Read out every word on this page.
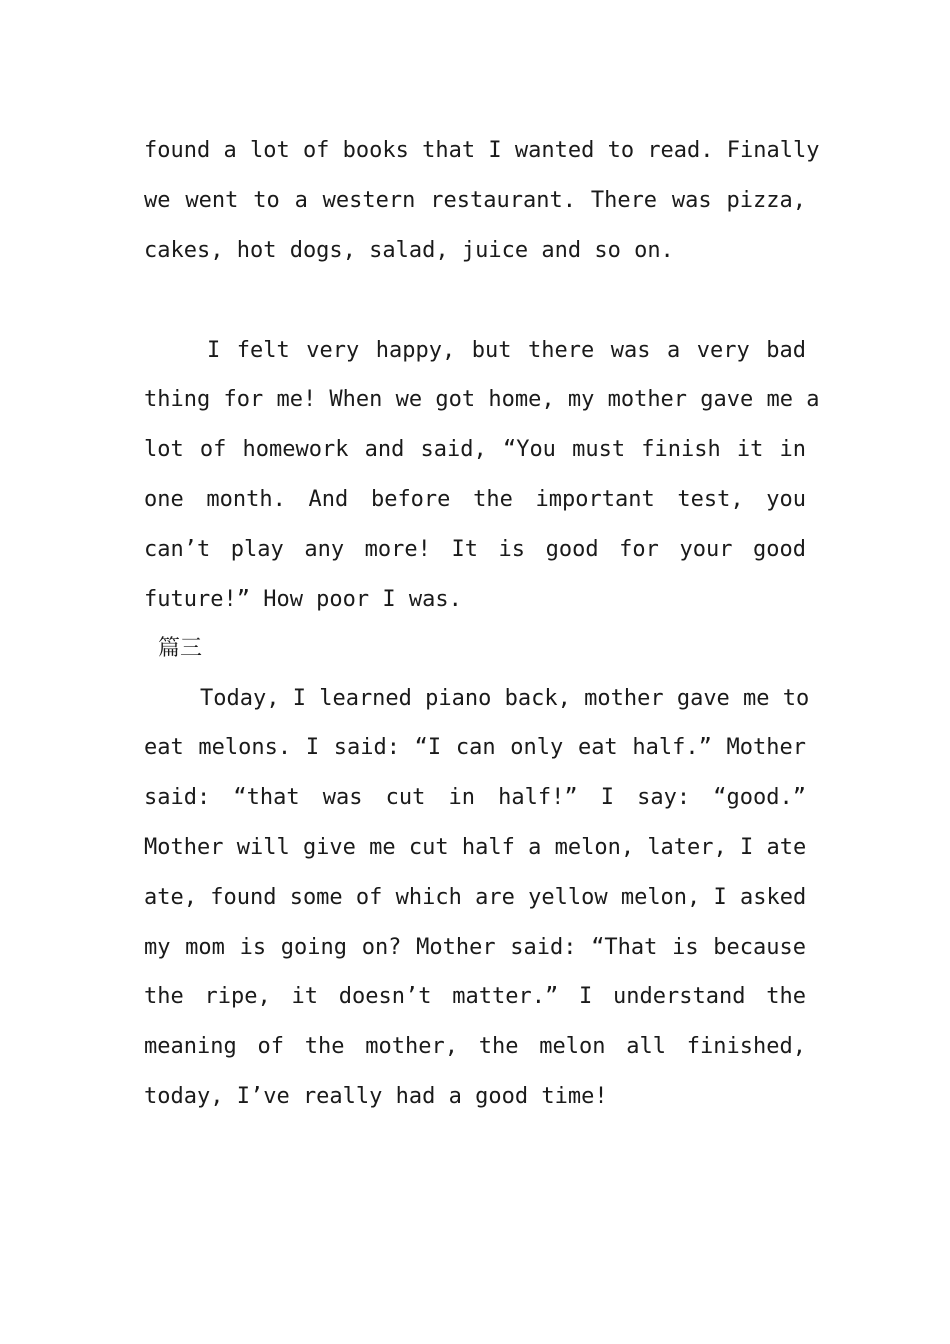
found a lot of books that I wanted to read. Finally
we went to a western restaurant. There was pizza,
cakes, hot dogs, salad, juice and so on.
I felt very happy, but there was a very bad
thing for me! When we got home, my mother gave me a
lot of homework and said, “You must finish it in
one month. And before the important test, you
can’t play any more! It is good for your good
future!” How poor I was.
篇三
Today, I learned piano back, mother gave me to
eat melons. I said: “I can only eat half.” Mother
said: “that was cut in half!” I say: “good.”
Mother will give me cut half a melon, later, I ate
ate, found some of which are yellow melon, I asked
my mom is going on? Mother said: “That is because
the ripe, it doesn’t matter.” I understand the
meaning of the mother, the melon all finished,
today, I’ve really had a good time!
